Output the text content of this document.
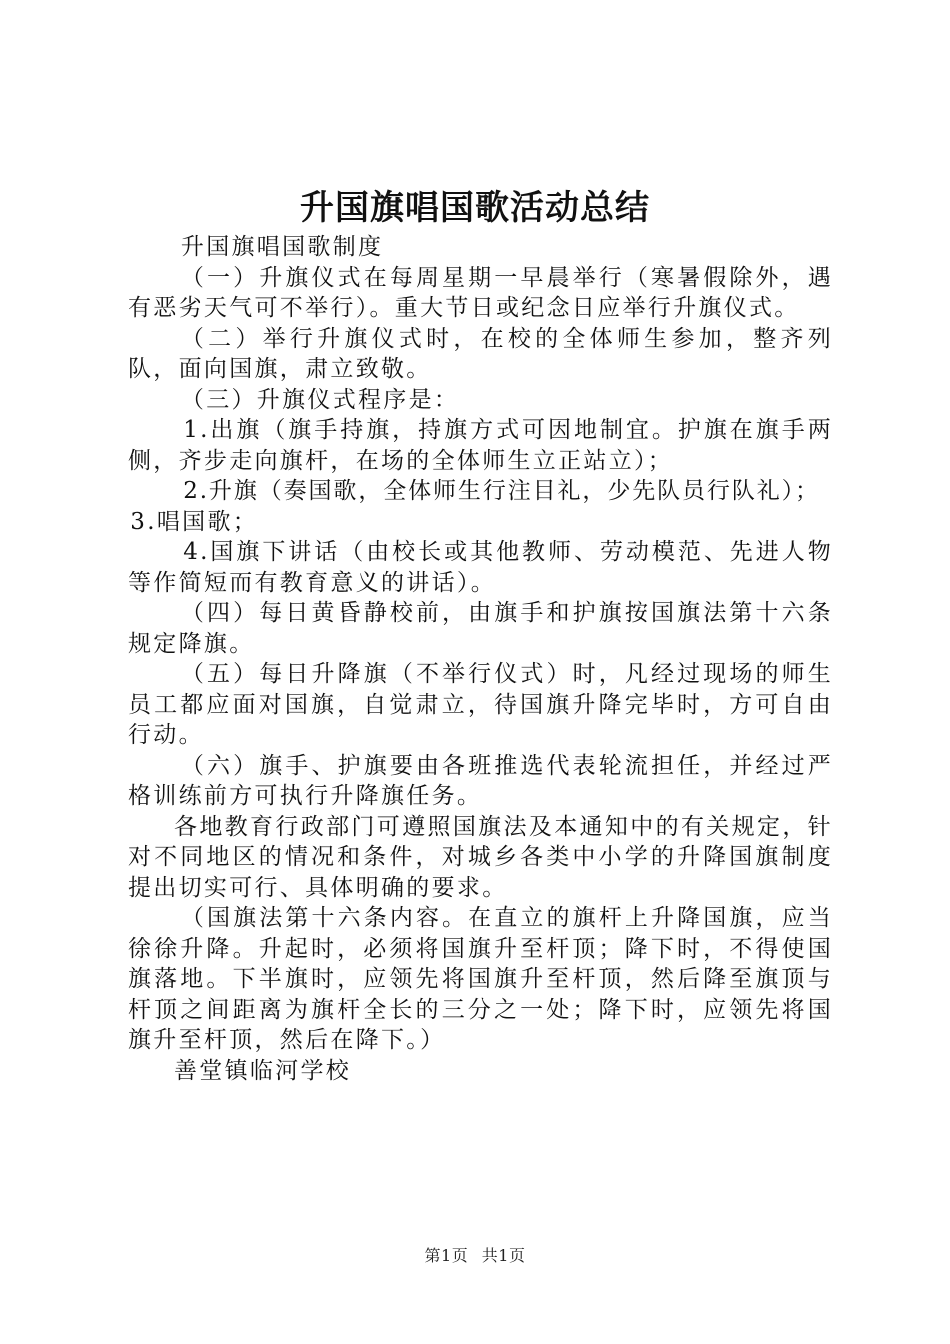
升国旗唱国歌活动总结

升国旗唱国歌制度

（一）升旗仪式在每周星期一早晨举行（寒暑假除外，遇有恶劣天气可不举行）。重大节日或纪念日应举行升旗仪式。

（二）举行升旗仪式时，在校的全体师生参加，整齐列队，面向国旗，肃立致敬。

（三）升旗仪式程序是：

1.出旗（旗手持旗，持旗方式可因地制宜。护旗在旗手两侧，齐步走向旗杆，在场的全体师生立正站立）；

2.升旗（奏国歌，全体师生行注目礼，少先队员行队礼）；

3.唱国歌；

4.国旗下讲话（由校长或其他教师、劳动模范、先进人物等作简短而有教育意义的讲话）。

（四）每日黄昏静校前，由旗手和护旗按国旗法第十六条规定降旗。

（五）每日升降旗（不举行仪式）时，凡经过现场的师生员工都应面对国旗，自觉肃立，待国旗升降完毕时，方可自由行动。

（六）旗手、护旗要由各班推选代表轮流担任，并经过严格训练前方可执行升降旗任务。

各地教育行政部门可遵照国旗法及本通知中的有关规定，针对不同地区的情况和条件，对城乡各类中小学的升降国旗制度提出切实可行、具体明确的要求。

（国旗法第十六条内容。在直立的旗杆上升降国旗，应当徐徐升降。升起时，必须将国旗升至杆顶；降下时，不得使国旗落地。下半旗时，应领先将国旗升至杆顶，然后降至旗顶与杆顶之间距离为旗杆全长的三分之一处；降下时，应领先将国旗升至杆顶，然后在降下。）

善堂镇临河学校

第1页 共1页
